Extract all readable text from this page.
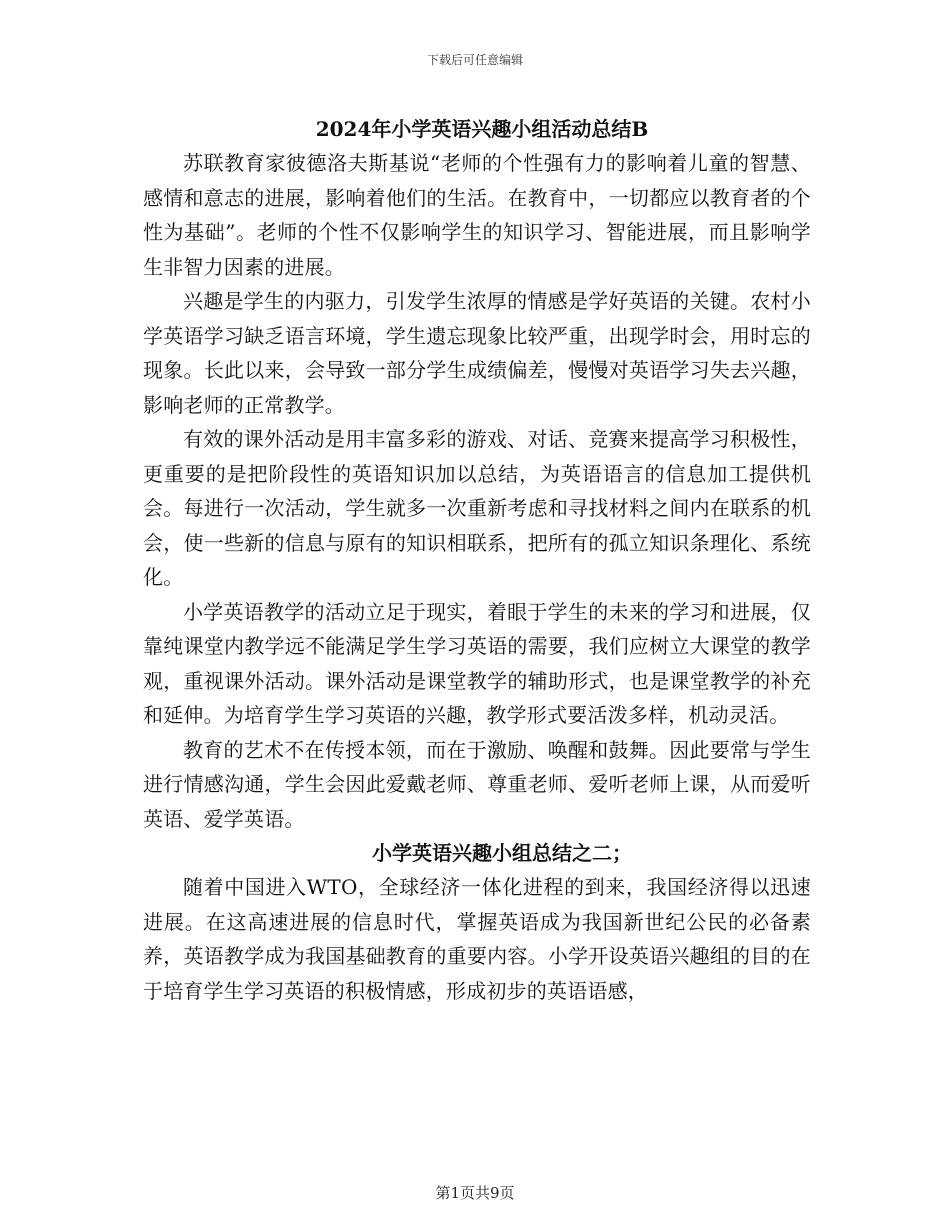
下载后可任意编辑
2024年小学英语兴趣小组活动总结B

苏联教育家彼德洛夫斯基说“老师的个性强有力的影响着儿童的智慧、感情和意志的进展，影响着他们的生活。在教育中，一切都应以教育者的个性为基础”。老师的个性不仅影响学生的知识学习、智能进展，而且影响学生非智力因素的进展。

兴趣是学生的内驱力，引发学生浓厚的情感是学好英语的关键。农村小学英语学习缺乏语言环境，学生遗忘现象比较严重，出现学时会，用时忘的现象。长此以来，会导致一部分学生成绩偏差，慢慢对英语学习失去兴趣，影响老师的正常教学。

有效的课外活动是用丰富多彩的游戏、对话、竞赛来提高学习积极性，更重要的是把阶段性的英语知识加以总结，为英语语言的信息加工提供机会。每进行一次活动，学生就多一次重新考虑和寻找材料之间内在联系的机会，使一些新的信息与原有的知识相联系，把所有的孤立知识条理化、系统化。

小学英语教学的活动立足于现实，着眼于学生的未来的学习和进展，仅靠纯课堂内教学远不能满足学生学习英语的需要，我们应树立大课堂的教学观，重视课外活动。课外活动是课堂教学的辅助形式，也是课堂教学的补充和延伸。为培育学生学习英语的兴趣，教学形式要活泼多样，机动灵活。

教育的艺术不在传授本领，而在于激励、唤醒和鼓舞。因此要常与学生进行情感沟通，学生会因此爱戴老师、尊重老师、爱听老师上课，从而爱听英语、爱学英语。

小学英语兴趣小组总结之二；

随着中国进入WTO，全球经济一体化进程的到来，我国经济得以迅速进展。在这高速进展的信息时代，掌握英语成为我国新世纪公民的必备素养，英语教学成为我国基础教育的重要内容。小学开设英语兴趣组的目的在于培育学生学习英语的积极情感，形成初步的英语语感，

第1页共9页
